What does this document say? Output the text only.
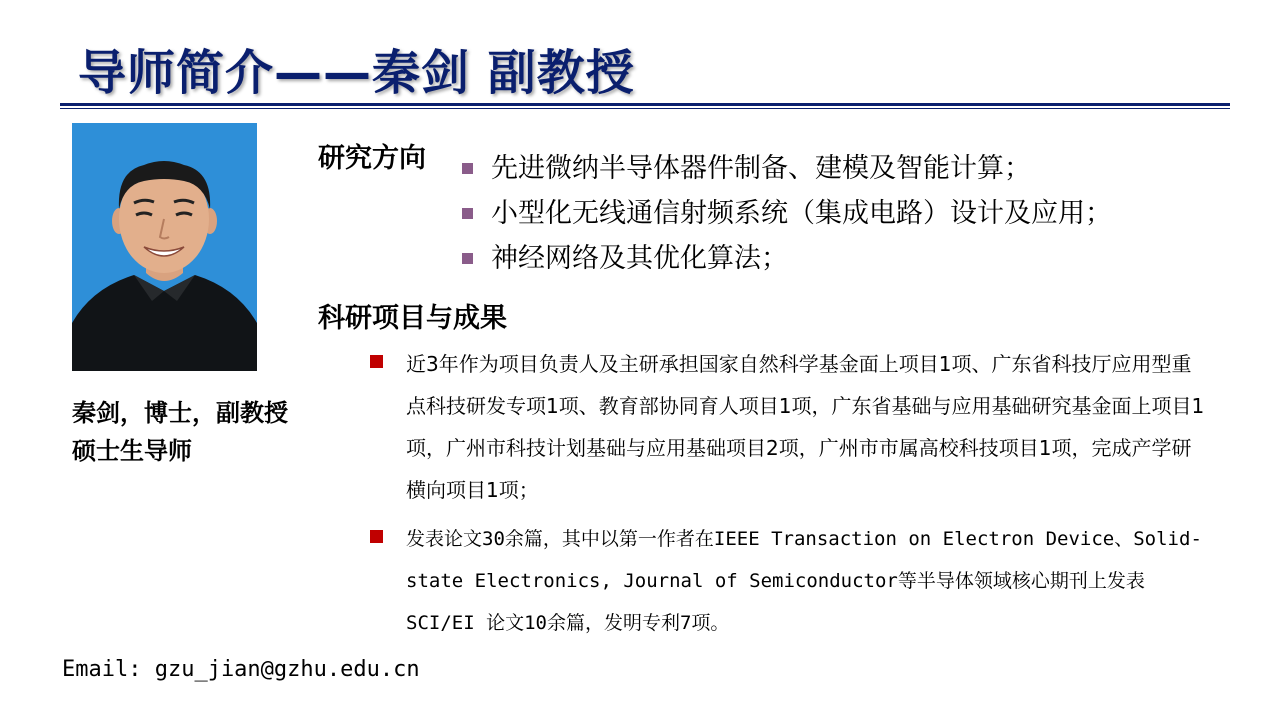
导师简介——秦剑 副教授
秦剑，博士，副教授
硕士生导师
研究方向 先进微纳半导体器件制备、建模及智能计算；
小型化无线通信射频系统（集成电路）设计及应用；
神经网络及其优化算法；
科研项目与成果
近3年作为项目负责人及主研承担国家自然科学基金面上项目1项、广东省科技厅应用型重点科技研发专项1项、教育部协同育人项目1项，广东省基础与应用基础研究基金面上项目1项，广州市科技计划基础与应用基础项目2项，广州市市属高校科技项目1项，完成产学研横向项目1项；
发表论文30余篇，其中以第一作者在IEEE Transaction on Electron Device、Solid-state Electronics, Journal of Semiconductor等半导体领域核心期刊上发表SCI/EI 论文10余篇，发明专利7项。
Email: gzu_jian@gzhu.edu.cn
